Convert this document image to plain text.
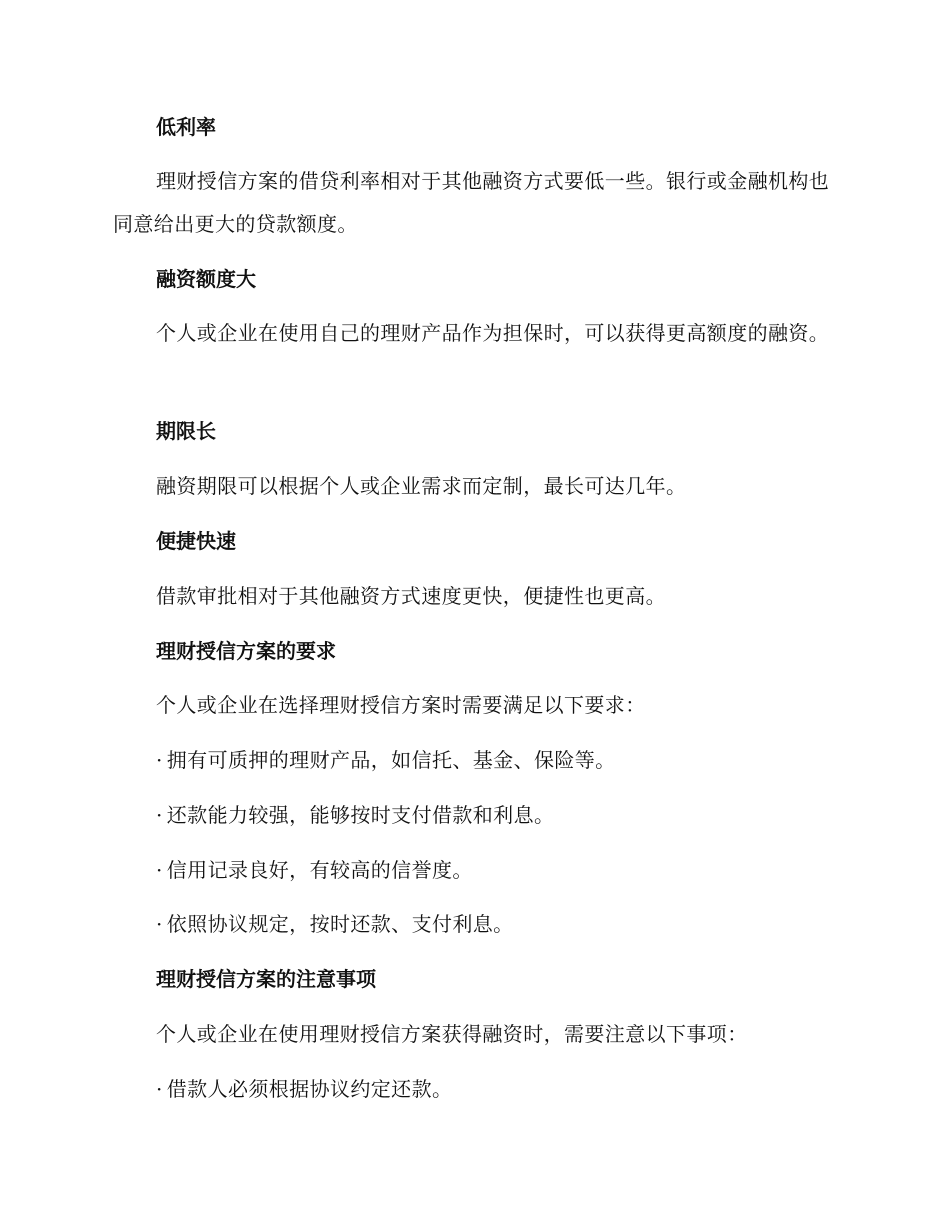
低利率
理财授信方案的借贷利率相对于其他融资方式要低一些。银行或金融机构也同意给出更大的贷款额度。
融资额度大
个人或企业在使用自己的理财产品作为担保时，可以获得更高额度的融资。
期限长
融资期限可以根据个人或企业需求而定制，最长可达几年。
便捷快速
借款审批相对于其他融资方式速度更快，便捷性也更高。
理财授信方案的要求
个人或企业在选择理财授信方案时需要满足以下要求：
· 拥有可质押的理财产品，如信托、基金、保险等。
· 还款能力较强，能够按时支付借款和利息。
· 信用记录良好，有较高的信誉度。
· 依照协议规定，按时还款、支付利息。
理财授信方案的注意事项
个人或企业在使用理财授信方案获得融资时，需要注意以下事项：
· 借款人必须根据协议约定还款。
